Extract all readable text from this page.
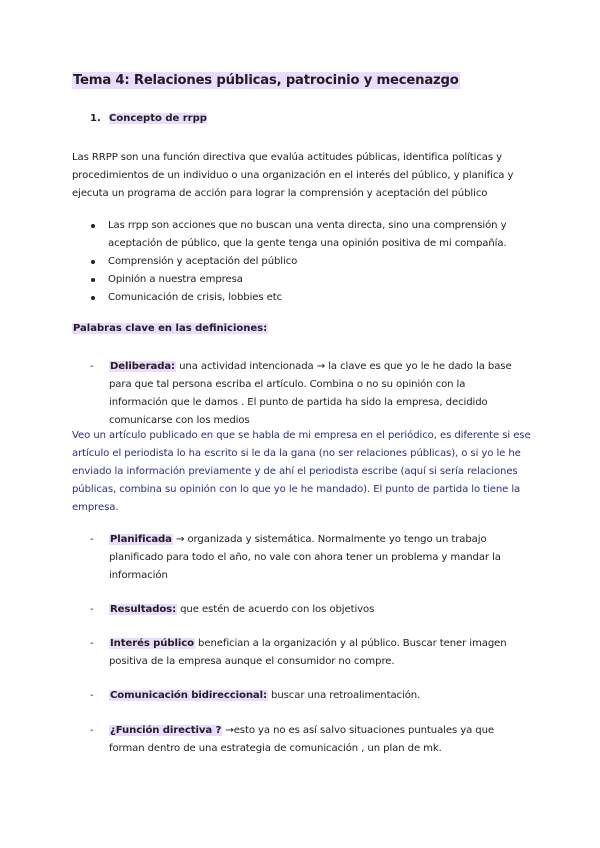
Tema 4: Relaciones públicas, patrocinio y mecenazgo
1. Concepto de rrpp
Las RRPP son una función directiva que evalúa actitudes públicas, identifica políticas y procedimientos de un individuo o una organización en el interés del público, y planifica y ejecuta un programa de acción para lograr la comprensión y aceptación del público
Las rrpp son acciones que no buscan una venta directa, sino una comprensión y aceptación de público, que la gente tenga una opinión positiva de mi compañía.
Comprensión y aceptación del público
Opinión a nuestra empresa
Comunicación de crisis, lobbies etc
Palabras clave en las definiciones:
- Deliberada: una actividad intencionada → la clave es que yo le he dado la base para que tal persona escriba el artículo. Combina o no su opinión con la información que le damos . El punto de partida ha sido la empresa, decidido comunicarse con los medios
Veo un artículo publicado en que se habla de mi empresa en el periódico, es diferente si ese artículo el periodista lo ha escrito si le da la gana (no ser relaciones públicas), o si yo le he enviado la información previamente y de ahí el periodista escribe (aquí si sería relaciones públicas, combina su opinión con lo que yo le he mandado). El punto de partida lo tiene la empresa.
- Planificada → organizada y sistemática. Normalmente yo tengo un trabajo planificado para todo el año, no vale con ahora tener un problema y mandar la información
- Resultados: que estén de acuerdo con los objetivos
- Interés público benefician a la organización y al público. Buscar tener imagen positiva de la empresa aunque el consumidor no compre.
- Comunicación bidireccional: buscar una retroalimentación.
- ¿Función directiva ? →esto ya no es así salvo situaciones puntuales ya que forman dentro de una estrategia de comunicación , un plan de mk.
